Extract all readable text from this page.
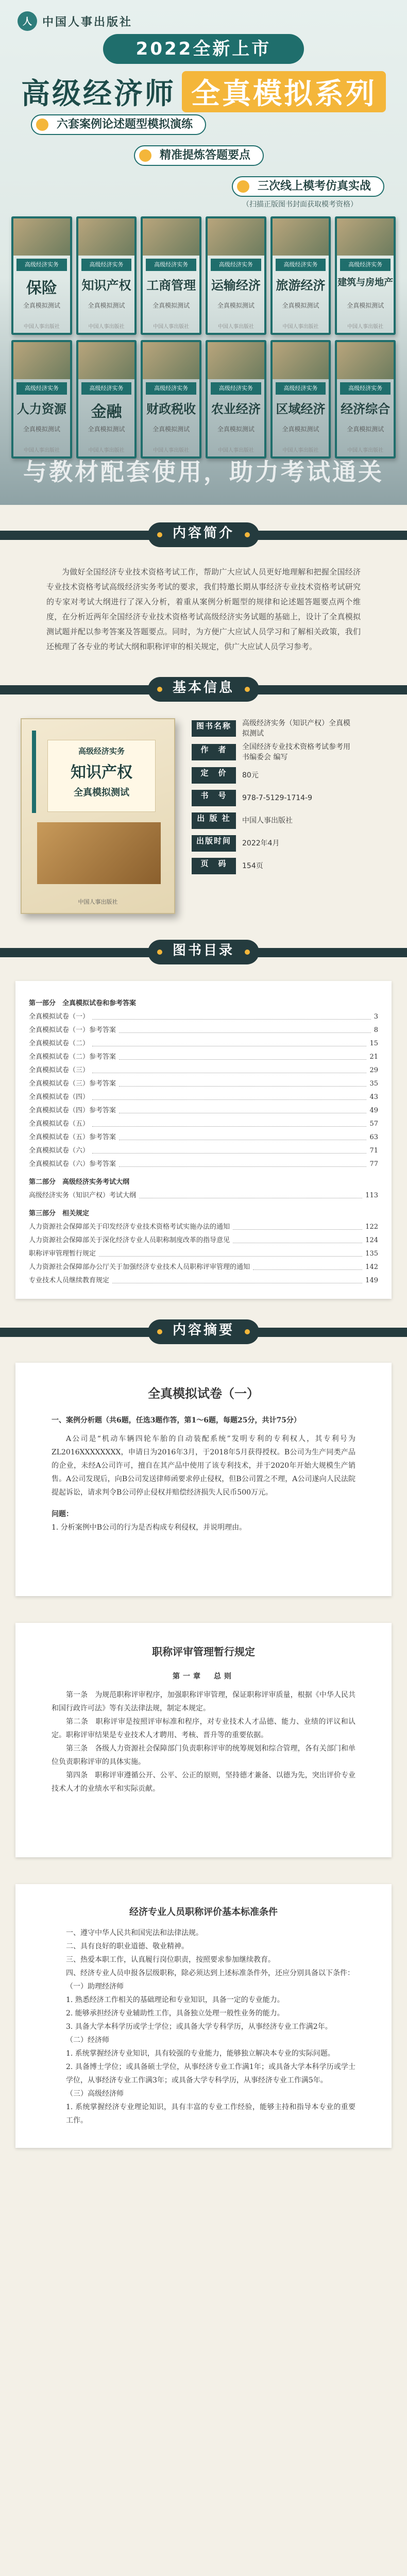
人 中国人事出版社
2022全新上市
高级经济师 全真模拟系列
六套案例论述题型模拟演练
精准提炼答题要点
三次线上模考仿真实战
（扫描正版图书封面获取模考资格）
高级经济实务
保险
全真模拟测试
中国人事出版社
高级经济实务
知识产权
全真模拟测试
中国人事出版社
高级经济实务
工商管理
全真模拟测试
中国人事出版社
高级经济实务
运输经济
全真模拟测试
中国人事出版社
高级经济实务
旅游经济
全真模拟测试
中国人事出版社
高级经济实务
建筑与房地产
全真模拟测试
中国人事出版社
高级经济实务
人力资源
全真模拟测试
中国人事出版社
高级经济实务
金融
全真模拟测试
中国人事出版社
高级经济实务
财政税收
全真模拟测试
中国人事出版社
高级经济实务
农业经济
全真模拟测试
中国人事出版社
高级经济实务
区域经济
全真模拟测试
中国人事出版社
高级经济实务
经济综合
全真模拟测试
中国人事出版社
与教材配套使用，助力考试通关
内容简介

为做好全国经济专业技术资格考试工作，帮助广大应试人员更好地理解和把握全国经济专业技术资格考试高级经济实务考试的要求，我们特邀长期从事经济专业技术资格考试研究的专家对考试大纲进行了深入分析，着重从案例分析题型的规律和论述题答题要点两个维度，在分析近两年全国经济专业技术资格考试高级经济实务试题的基础上，设计了全真模拟测试题并配以参考答案及答题要点。同时，为方便广大应试人员学习和了解相关政策，我们还梳理了各专业的考试大纲和职称评审的相关规定，供广大应试人员学习参考。

基本信息
高级经济实务
知识产权
全真模拟测试
中国人事出版社
图书名称	高级经济实务（知识产权）全真模拟测试
作　者	全国经济专业技术资格考试参考用书编委会 编写
定　价	80元
书　号	978-7-5129-1714-9
出 版 社	中国人事出版社
出版时间	2022年4月
页　码	154页
图书目录
第一部分　全真模拟试卷和参考答案
全真模拟试卷（一）	3
全真模拟试卷（一）参考答案	8
全真模拟试卷（二）	15
全真模拟试卷（二）参考答案	21
全真模拟试卷（三）	29
全真模拟试卷（三）参考答案	35
全真模拟试卷（四）	43
全真模拟试卷（四）参考答案	49
全真模拟试卷（五）	57
全真模拟试卷（五）参考答案	63
全真模拟试卷（六）	71
全真模拟试卷（六）参考答案	77
第二部分　高级经济实务考试大纲
高级经济实务（知识产权）考试大纲	113
第三部分　相关规定
人力资源社会保障部关于印发经济专业技术资格考试实施办法的通知	122
人力资源社会保障部关于深化经济专业人员职称制度改革的指导意见	124
职称评审管理暂行规定	135
人力资源社会保障部办公厅关于加强经济专业技术人员职称评审管理的通知	142
专业技术人员继续教育规定	149
内容摘要
全真模拟试卷（一）
一、案例分析题（共6题，任选3题作答，第1～6题，每题25分，共计75分）

A公司是“机动车辆四轮车胎的自动装配系统”发明专利的专利权人，其专利号为ZL2016XXXXXXXX，申请日为2016年3月，于2018年5月获得授权。B公司为生产同类产品的企业，未经A公司许可，擅自在其产品中使用了该专利技术，并于2020年开始大规模生产销售。A公司发现后，向B公司发送律师函要求停止侵权，但B公司置之不理，A公司遂向人民法院提起诉讼，请求判令B公司停止侵权并赔偿经济损失人民币500万元。

问题：

1. 分析案例中B公司的行为是否构成专利侵权，并说明理由。

职称评审管理暂行规定
第一章　总则

第一条　为规范职称评审程序，加强职称评审管理，保证职称评审质量，根据《中华人民共和国行政许可法》等有关法律法规，制定本规定。

第二条　职称评审是按照评审标准和程序，对专业技术人才品德、能力、业绩的评议和认定。职称评审结果是专业技术人才聘用、考核、晋升等的重要依据。

第三条　各级人力资源社会保障部门负责职称评审的统筹规划和综合管理，各有关部门和单位负责职称评审的具体实施。

第四条　职称评审遵循公开、公平、公正的原则，坚持德才兼备、以德为先，突出评价专业技术人才的业绩水平和实际贡献。

经济专业人员职称评价基本标准条件

一、遵守中华人民共和国宪法和法律法规。

二、具有良好的职业道德、敬业精神。

三、热爱本职工作，认真履行岗位职责，按照要求参加继续教育。

四、经济专业人员申报各层级职称，除必须达到上述标准条件外，还应分别具备以下条件：

（一）助理经济师

1. 熟悉经济工作相关的基础理论和专业知识，具备一定的专业能力。

2. 能够承担经济专业辅助性工作，具备独立处理一般性业务的能力。

3. 具备大学本科学历或学士学位；或具备大学专科学历，从事经济专业工作满2年。

（二）经济师

1. 系统掌握经济专业知识，具有较强的专业能力，能够独立解决本专业的实际问题。

2. 具备博士学位；或具备硕士学位，从事经济专业工作满1年；或具备大学本科学历或学士学位，从事经济专业工作满3年；或具备大学专科学历，从事经济专业工作满5年。

（三）高级经济师

1. 系统掌握经济专业理论知识，具有丰富的专业工作经验，能够主持和指导本专业的重要工作。
